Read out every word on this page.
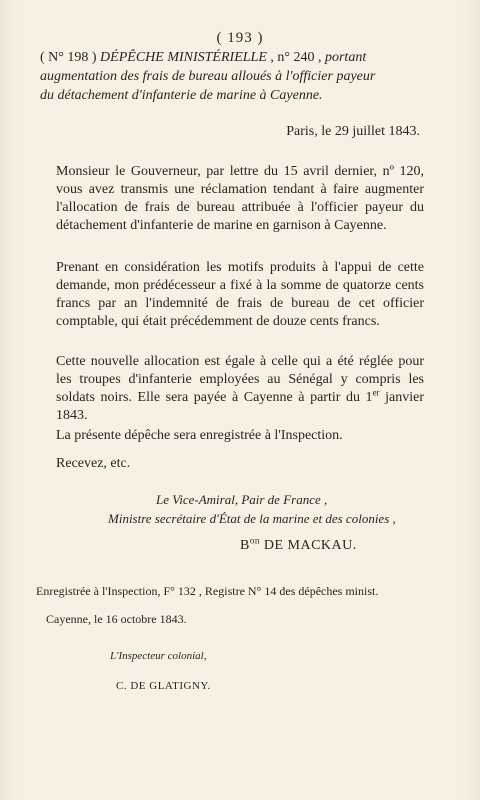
( 193 )
( N° 198 ) DÉPÊCHE MINISTÉRIELLE , n° 240 , portant
augmentation des frais de bureau alloués à l'officier payeur
du détachement d'infanterie de marine à Cayenne.
Paris, le 29 juillet 1843.
Monsieur le Gouverneur, par lettre du 15 avril dernier, nº 120, vous avez transmis une réclamation tendant à faire augmenter l'allocation de frais de bureau attribuée à l'officier payeur du détachement d'infanterie de marine en garnison à Cayenne.
Prenant en considération les motifs produits à l'appui de cette demande, mon prédécesseur a fixé à la somme de quatorze cents francs par an l'indemnité de frais de bureau de cet officier comptable, qui était précédemment de douze cents francs.
Cette nouvelle allocation est égale à celle qui a été réglée pour les troupes d'infanterie employées au Sénégal y compris les soldats noirs. Elle sera payée à Cayenne à partir du 1er janvier 1843.
La présente dépêche sera enregistrée à l'Inspection.
Recevez, etc.
Le Vice-Amiral, Pair de France ,
Ministre secrétaire d'État de la marine et des colonies ,
$B^{on}$ DE MACKAU.
Enregistrée à l'Inspection, F° 132 , Registre N° 14 des dépêches minist.
Cayenne, le 16 octobre 1843.
L'Inspecteur colonial,
C. DE GLATIGNY.
